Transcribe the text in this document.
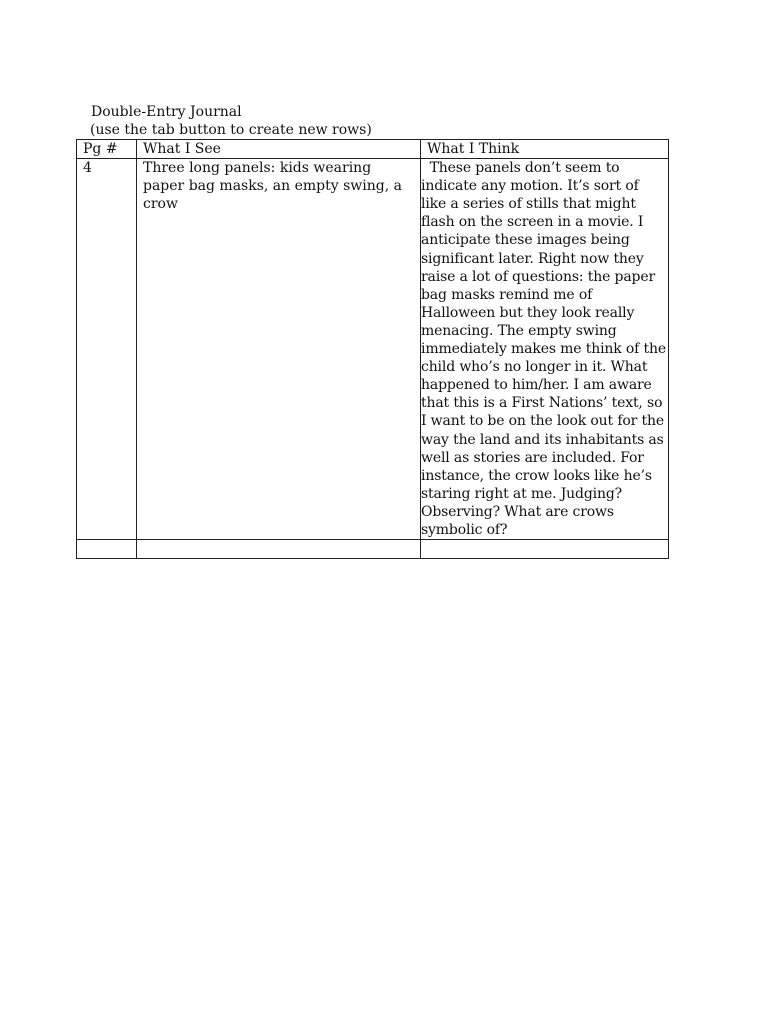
Double-Entry Journal
(use the tab button to create new rows)
Pg #	What I See	What I Think
4	Three long panels: kids wearing paper bag masks, an empty swing, a crow	These panels don’t seem to indicate any motion. It’s sort of like a series of stills that might flash on the screen in a movie. I anticipate these images being significant later. Right now they raise a lot of questions: the paper bag masks remind me of Halloween but they look really menacing. The empty swing immediately makes me think of the child who’s no longer in it. What happened to him/her. I am aware that this is a First Nations’ text, so I want to be on the look out for the way the land and its inhabitants as well as stories are included. For instance, the crow looks like he’s staring right at me. Judging? Observing? What are crows symbolic of?
